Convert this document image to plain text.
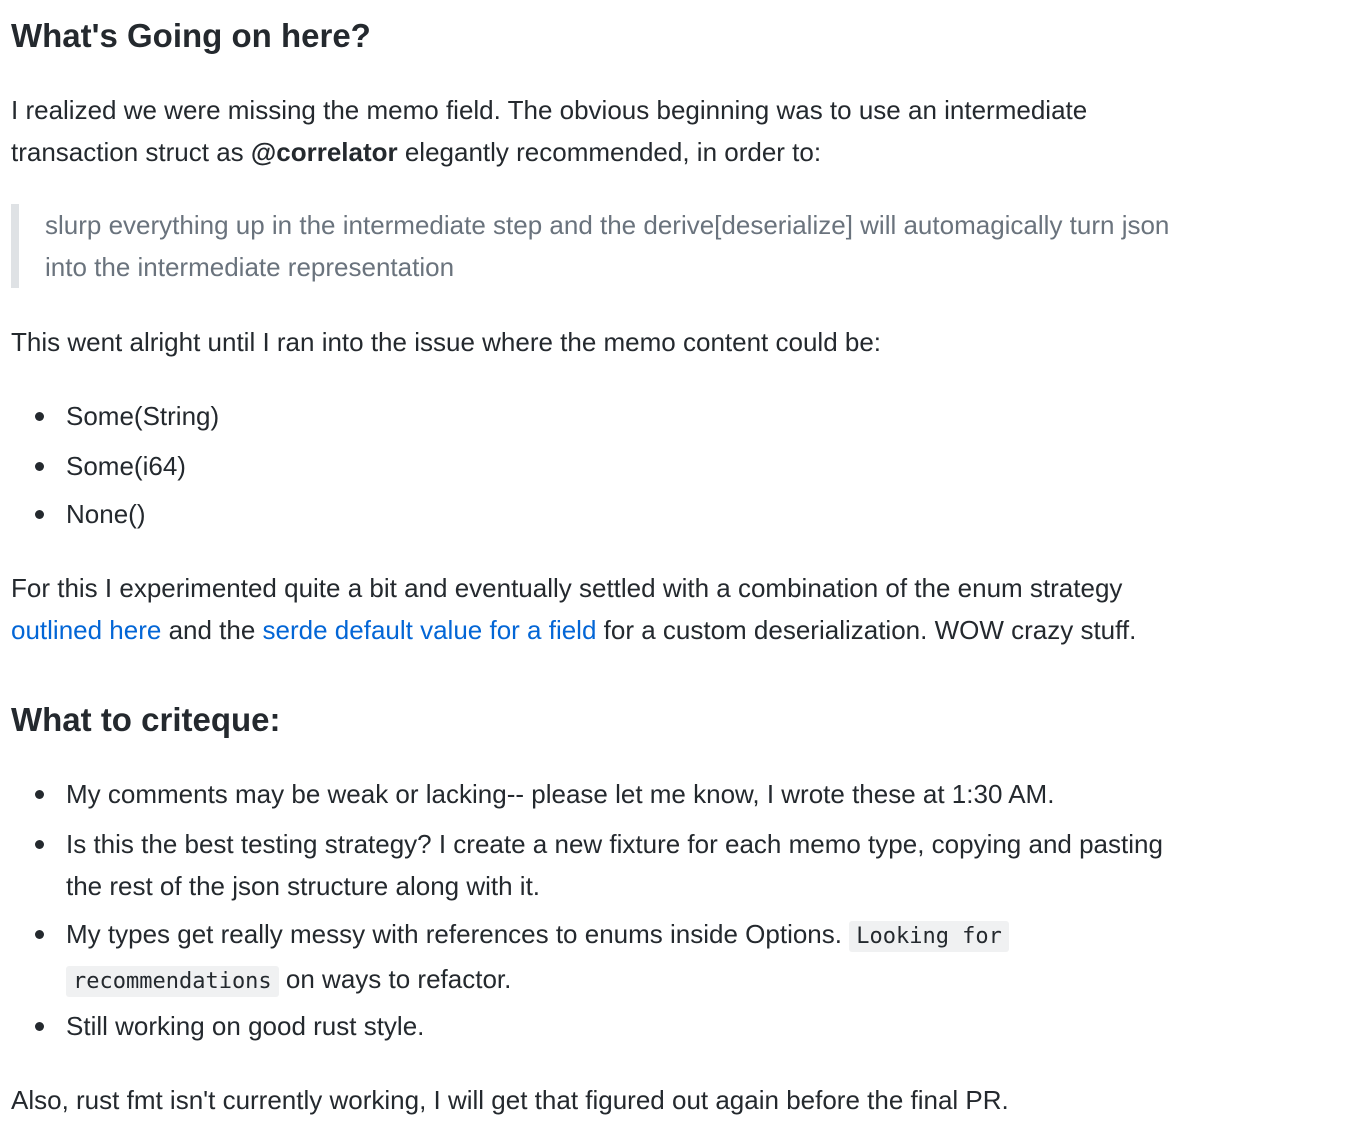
What's Going on here?
I realized we were missing the memo field. The obvious beginning was to use an intermediate
transaction struct as @correlator elegantly recommended, in order to:
slurp everything up in the intermediate step and the derive[deserialize] will automagically turn json
into the intermediate representation
This went alright until I ran into the issue where the memo content could be:
Some(String)
Some(i64)
None()
For this I experimented quite a bit and eventually settled with a combination of the enum strategy
outlined here and the serde default value for a field for a custom deserialization. WOW crazy stuff.
What to criteque:
My comments may be weak or lacking-- please let me know, I wrote these at 1:30 AM.
Is this the best testing strategy? I create a new fixture for each memo type, copying and pasting
the rest of the json structure along with it.
My types get really messy with references to enums inside Options. Looking for
recommendations on ways to refactor.
Still working on good rust style.
Also, rust fmt isn't currently working, I will get that figured out again before the final PR.
